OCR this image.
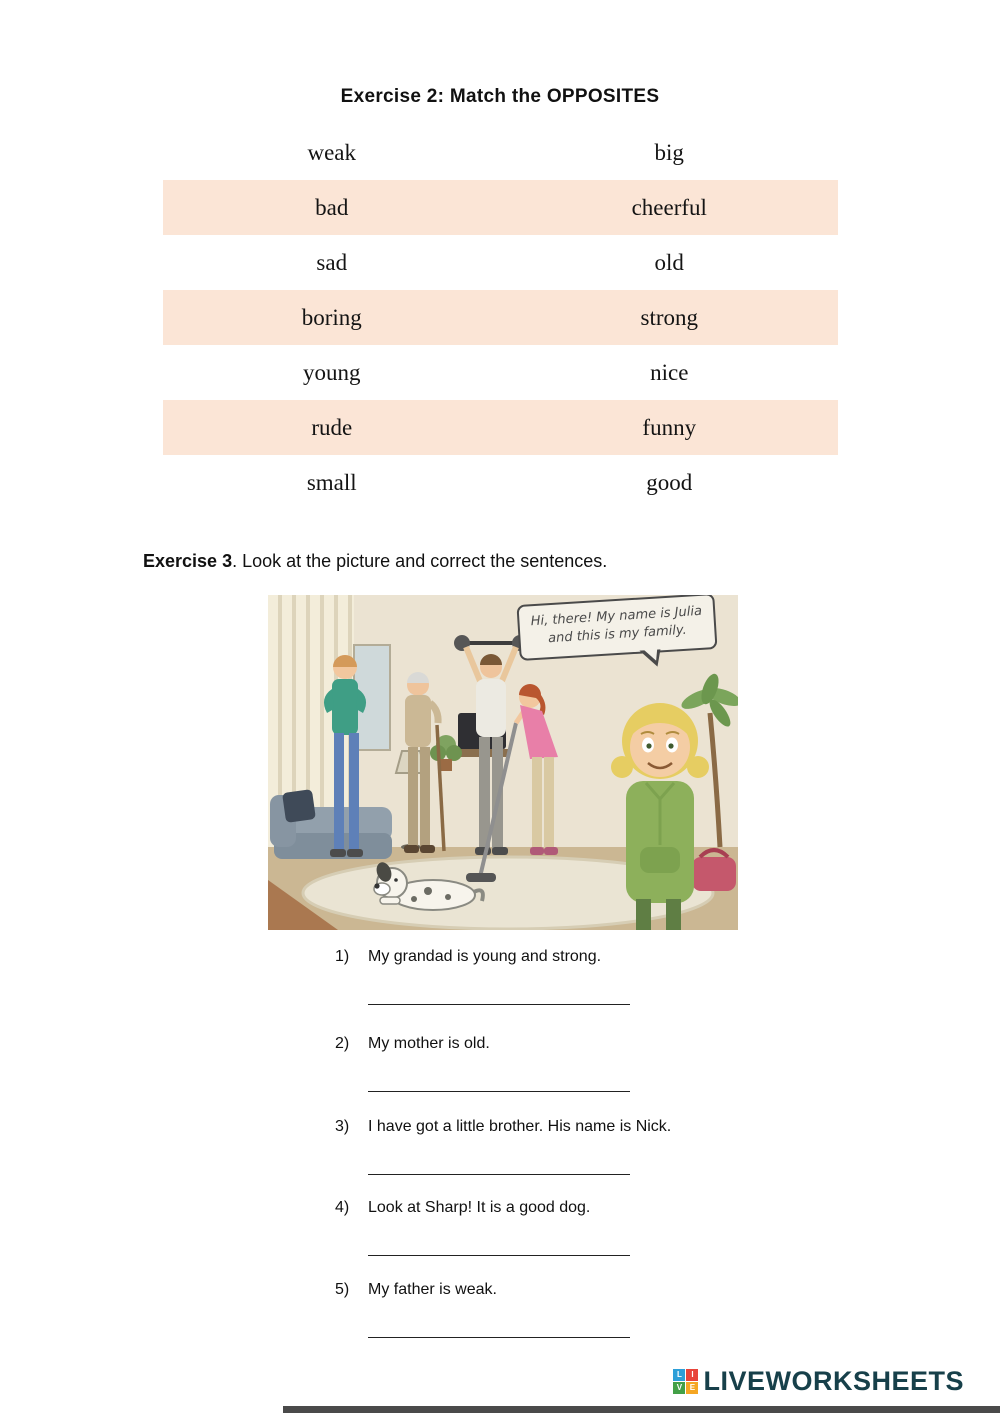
Exercise 2: Match the OPPOSITES
weak	big
bad	cheerful
sad	old
boring	strong
young	nice
rude	funny
small	good
Exercise 3. Look at the picture and correct the sentences.
Hi, there! My name is Julia and this is my family.
1)	My grandad is young and strong.
2)	My mother is old.
3)	I have got a little brother. His name is Nick.
4)	Look at Sharp! It is a good dog.
5)	My father is weak.
L	I
V E LIVEWORKSHEETS
